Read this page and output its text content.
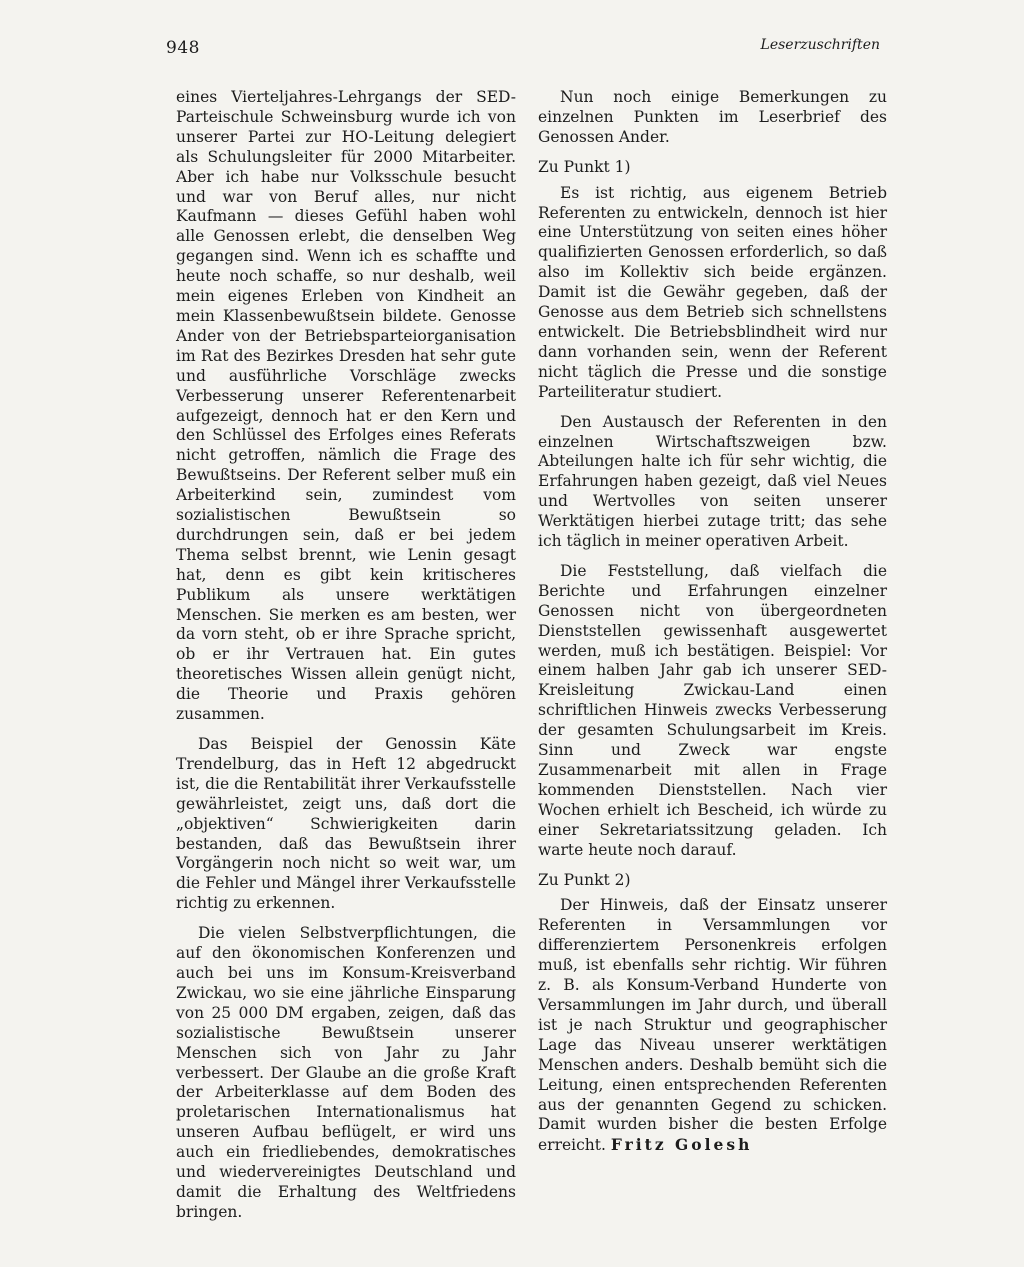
948	Leserzuschriften

eines Vierteljahres-Lehrgangs der SED-Parteischule Schweinsburg wurde ich von unserer Partei zur HO-Leitung delegiert als Schulungsleiter für 2000 Mitarbeiter. Aber ich habe nur Volksschule besucht und war von Beruf alles, nur nicht Kaufmann — dieses Gefühl haben wohl alle Genossen erlebt, die denselben Weg gegangen sind. Wenn ich es schaffte und heute noch schaffe, so nur deshalb, weil mein eigenes Erleben von Kindheit an mein Klassenbewußtsein bildete. Genosse Ander von der Betriebsparteiorganisation im Rat des Bezirkes Dresden hat sehr gute und ausführliche Vorschläge zwecks Verbesserung unserer Referentenarbeit aufgezeigt, dennoch hat er den Kern und den Schlüssel des Erfolges eines Referats nicht getroffen, nämlich die Frage des Bewußtseins. Der Referent selber muß ein Arbeiterkind sein, zumindest vom sozialistischen Bewußtsein so durchdrungen sein, daß er bei jedem Thema selbst brennt, wie Lenin gesagt hat, denn es gibt kein kritischeres Publikum als unsere werktätigen Menschen. Sie merken es am besten, wer da vorn steht, ob er ihre Sprache spricht, ob er ihr Vertrauen hat. Ein gutes theoretisches Wissen allein genügt nicht, die Theorie und Praxis gehören zusammen.

Das Beispiel der Genossin Käte Trendelburg, das in Heft 12 abgedruckt ist, die die Rentabilität ihrer Verkaufsstelle gewährleistet, zeigt uns, daß dort die „objektiven“ Schwierigkeiten darin bestanden, daß das Bewußtsein ihrer Vorgängerin noch nicht so weit war, um die Fehler und Mängel ihrer Verkaufsstelle richtig zu erkennen.

Die vielen Selbstverpflichtungen, die auf den ökonomischen Konferenzen und auch bei uns im Konsum-Kreisverband Zwickau, wo sie eine jährliche Einsparung von 25 000 DM ergaben, zeigen, daß das sozialistische Bewußtsein unserer Menschen sich von Jahr zu Jahr verbessert. Der Glaube an die große Kraft der Arbeiterklasse auf dem Boden des proletarischen Internationalismus hat unseren Aufbau beflügelt, er wird uns auch ein friedliebendes, demokratisches und wiedervereinigtes Deutschland und damit die Erhaltung des Weltfriedens bringen.

Nun noch einige Bemerkungen zu einzelnen Punkten im Leserbrief des Genossen Ander.

Zu Punkt 1)

Es ist richtig, aus eigenem Betrieb Referenten zu entwickeln, dennoch ist hier eine Unterstützung von seiten eines höher qualifizierten Genossen erforderlich, so daß also im Kollektiv sich beide ergänzen. Damit ist die Gewähr gegeben, daß der Genosse aus dem Betrieb sich schnellstens entwickelt. Die Betriebsblindheit wird nur dann vorhanden sein, wenn der Referent nicht täglich die Presse und die sonstige Parteiliteratur studiert.

Den Austausch der Referenten in den einzelnen Wirtschaftszweigen bzw. Abteilungen halte ich für sehr wichtig, die Erfahrungen haben gezeigt, daß viel Neues und Wertvolles von seiten unserer Werktätigen hierbei zutage tritt; das sehe ich täglich in meiner operativen Arbeit.

Die Feststellung, daß vielfach die Berichte und Erfahrungen einzelner Genossen nicht von übergeordneten Dienststellen gewissenhaft ausgewertet werden, muß ich bestätigen. Beispiel: Vor einem halben Jahr gab ich unserer SED-Kreisleitung Zwickau-Land einen schriftlichen Hinweis zwecks Verbesserung der gesamten Schulungsarbeit im Kreis. Sinn und Zweck war engste Zusammenarbeit mit allen in Frage kommenden Dienststellen. Nach vier Wochen erhielt ich Bescheid, ich würde zu einer Sekretariatssitzung geladen. Ich warte heute noch darauf.

Zu Punkt 2)

Der Hinweis, daß der Einsatz unserer Referenten in Versammlungen vor differenziertem Personenkreis erfolgen muß, ist ebenfalls sehr richtig. Wir führen z. B. als Konsum-Verband Hunderte von Versammlungen im Jahr durch, und überall ist je nach Struktur und geographischer Lage das Niveau unserer werktätigen Menschen anders. Deshalb bemüht sich die Leitung, einen entsprechenden Referenten aus der genannten Gegend zu schicken. Damit wurden bisher die besten Erfolge erreicht. Fritz Golesh
